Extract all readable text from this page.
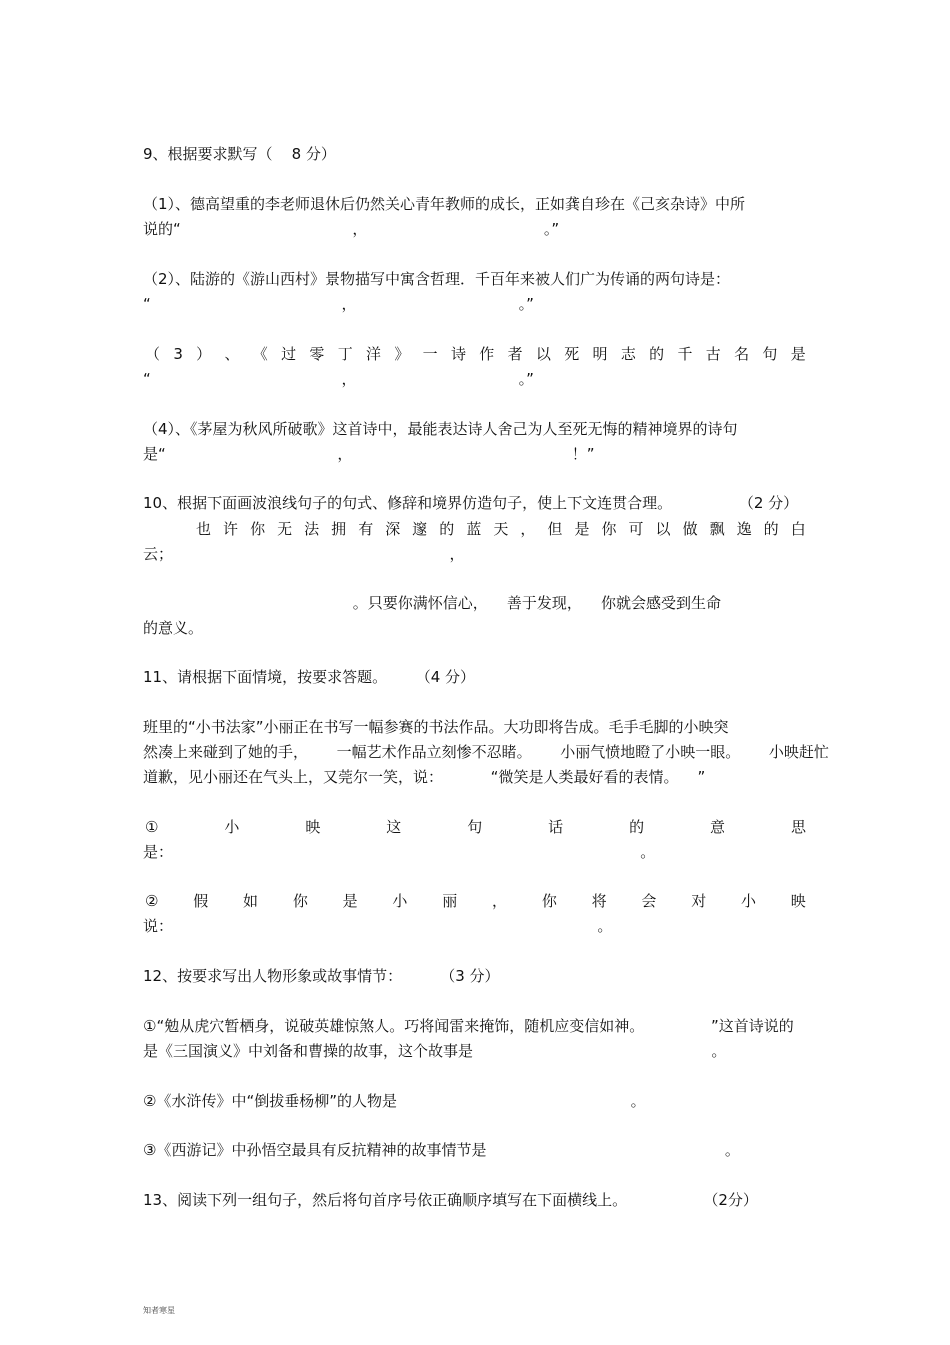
9、根据要求默写（    8 分）
（1）、德高望重的李老师退休后仍然关心青年教师的成长，正如龚自珍在《己亥杂诗》中所
说的“                                    ，                                     。”
（2）、陆游的《游山西村》景物描写中寓含哲理．千百年来被人们广为传诵的两句诗是：
“                                        ，                                  。”
（ 3 ） 、 《 过 零 丁 洋 》 一 诗 作 者 以 死 明 志 的 千 古 名 句 是
“                                        ，                                  。”
（4）、《茅屋为秋风所破歌》这首诗中，最能表达诗人舍己为人至死无悔的精神境界的诗句
是“                                    ，                                              ！”
10、根据下面画波浪线句子的句式、修辞和境界仿造句子，使上下文连贯合理。              （2 分）
也 许 你 无 法 拥 有 深 邃 的 蓝 天 ， 但 是 你 可 以 做 飘 逸 的 白
云；                                                          ，
。只要你满怀信心，    善于发现，    你就会感受到生命
的意义。
11、请根据下面情境，按要求答题。      （4 分）
班里的“小书法家”小丽正在书写一幅参赛的书法作品。大功即将告成。毛手毛脚的小映突
然凑上来碰到了她的手，      一幅艺术作品立刻惨不忍睹。      小丽气愤地瞪了小映一眼。      小映赶忙
道歉，见小丽还在气头上，又莞尔一笑，说：          “微笑是人类最好看的表情。    ”
①	小	映	这	句	话	的	意	思
是：                                                                                                  。
② 假 如 你 是 小 丽 ， 你 将 会 对 小 映
说：                                                                                         。
12、按要求写出人物形象或故事情节：        （3 分）
①“勉从虎穴暂栖身，说破英雄惊煞人。巧将闻雷来掩饰，随机应变信如神。              ”这首诗说的
是《三国演义》中刘备和曹操的故事，这个故事是                                                  。
②《水浒传》中“倒拔垂杨柳”的人物是                                                 。
③《西游记》中孙悟空最具有反抗精神的故事情节是                                                  。
13、阅读下列一组句子，然后将句首序号依正确顺序填写在下面横线上。                （2分）
知者寒星
